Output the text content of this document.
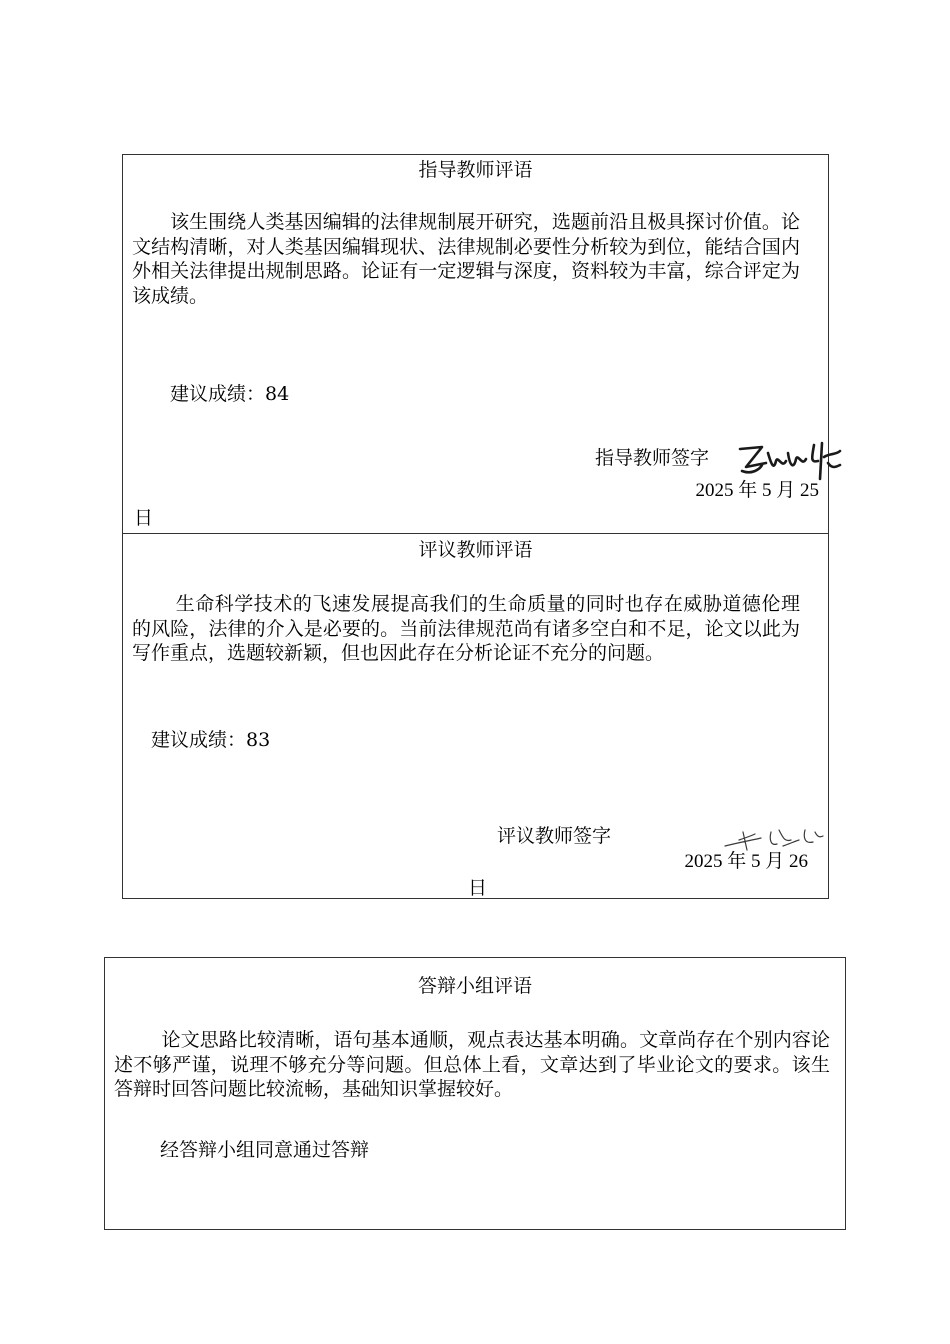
指导教师评语

该生围绕人类基因编辑的法律规制展开研究，选题前沿且极具探讨价值。论文结构清晰，对人类基因编辑现状、法律规制必要性分析较为到位，能结合国内外相关法律提出规制思路。论证有一定逻辑与深度，资料较为丰富，综合评定为该成绩。

建议成绩：84
指导教师签字
2025 年 5 月 25
日
评议教师评语

生命科学技术的飞速发展提高我们的生命质量的同时也存在威胁道德伦理的风险，法律的介入是必要的。当前法律规范尚有诸多空白和不足，论文以此为写作重点，选题较新颖，但也因此存在分析论证不充分的问题。

建议成绩：83
评议教师签字
2025 年 5 月 26
日
答辩小组评语

论文思路比较清晰，语句基本通顺，观点表达基本明确。文章尚存在个别内容论述不够严谨，说理不够充分等问题。但总体上看，文章达到了毕业论文的要求。该生答辩时回答问题比较流畅，基础知识掌握较好。

经答辩小组同意通过答辩
